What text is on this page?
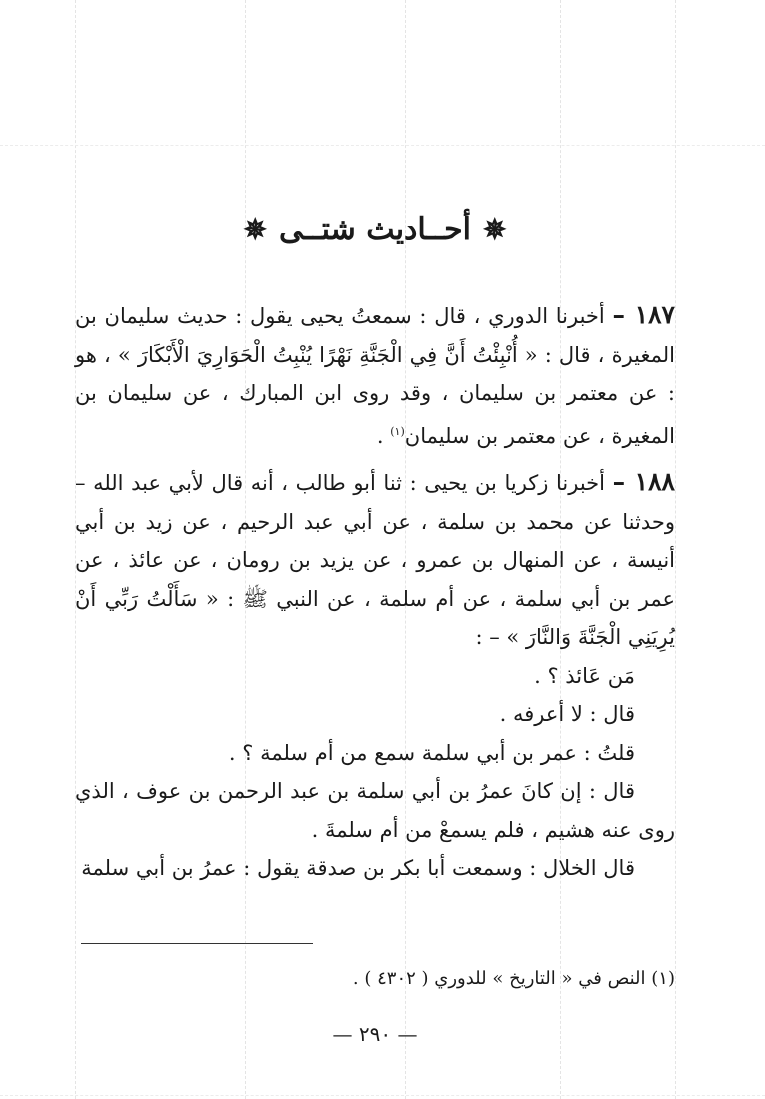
✵
أحــاديث شتــى
✵

١٨٧ – أخبرنا الدوري ، قال : سمعتُ يحيى يقول : حديث سليمان بن المغيرة ، قال : « أُنْبِئْتُ أَنَّ فِي الْجَنَّةِ نَهْرًا يُنْبِتُ الْحَوَارِيَ الْأَبْكَارَ » ، هو : عن معتمر بن سليمان ، وقد روى ابن المبارك ، عن سليمان بن المغيرة ، عن معتمر بن سليمان$^{(١)}$ .

١٨٨ – أخبرنا زكريا بن يحيى : ثنا أبو طالب ، أنه قال لأبي عبد الله – وحدثنا عن محمد بن سلمة ، عن أبي عبد الرحيم ، عن زيد بن أبي أنيسة ، عن المنهال بن عمرو ، عن يزيد بن رومان ، عن عائذ ، عن عمر بن أبي سلمة ، عن أم سلمة ، عن النبي ﷺ : « سَأَلْتُ رَبِّي أَنْ يُرِيَنِي الْجَنَّةَ وَالنَّارَ » – :

مَن عَائذ ؟ .

قال : لا أعرفه .

قلتُ : عمر بن أبي سلمة سمع من أم سلمة ؟ .

قال : إن كانَ عمرُ بن أبي سلمة بن عبد الرحمن بن عوف ، الذي روى عنه هشيم ، فلم يسمعْ من أم سلمةَ .

قال الخلال : وسمعت أبا بكر بن صدقة يقول : عمرُ بن أبي سلمة

(١) النص في « التاريخ » للدوري ( ٤٣٠٢ ) .
— ٢٩٠ —
